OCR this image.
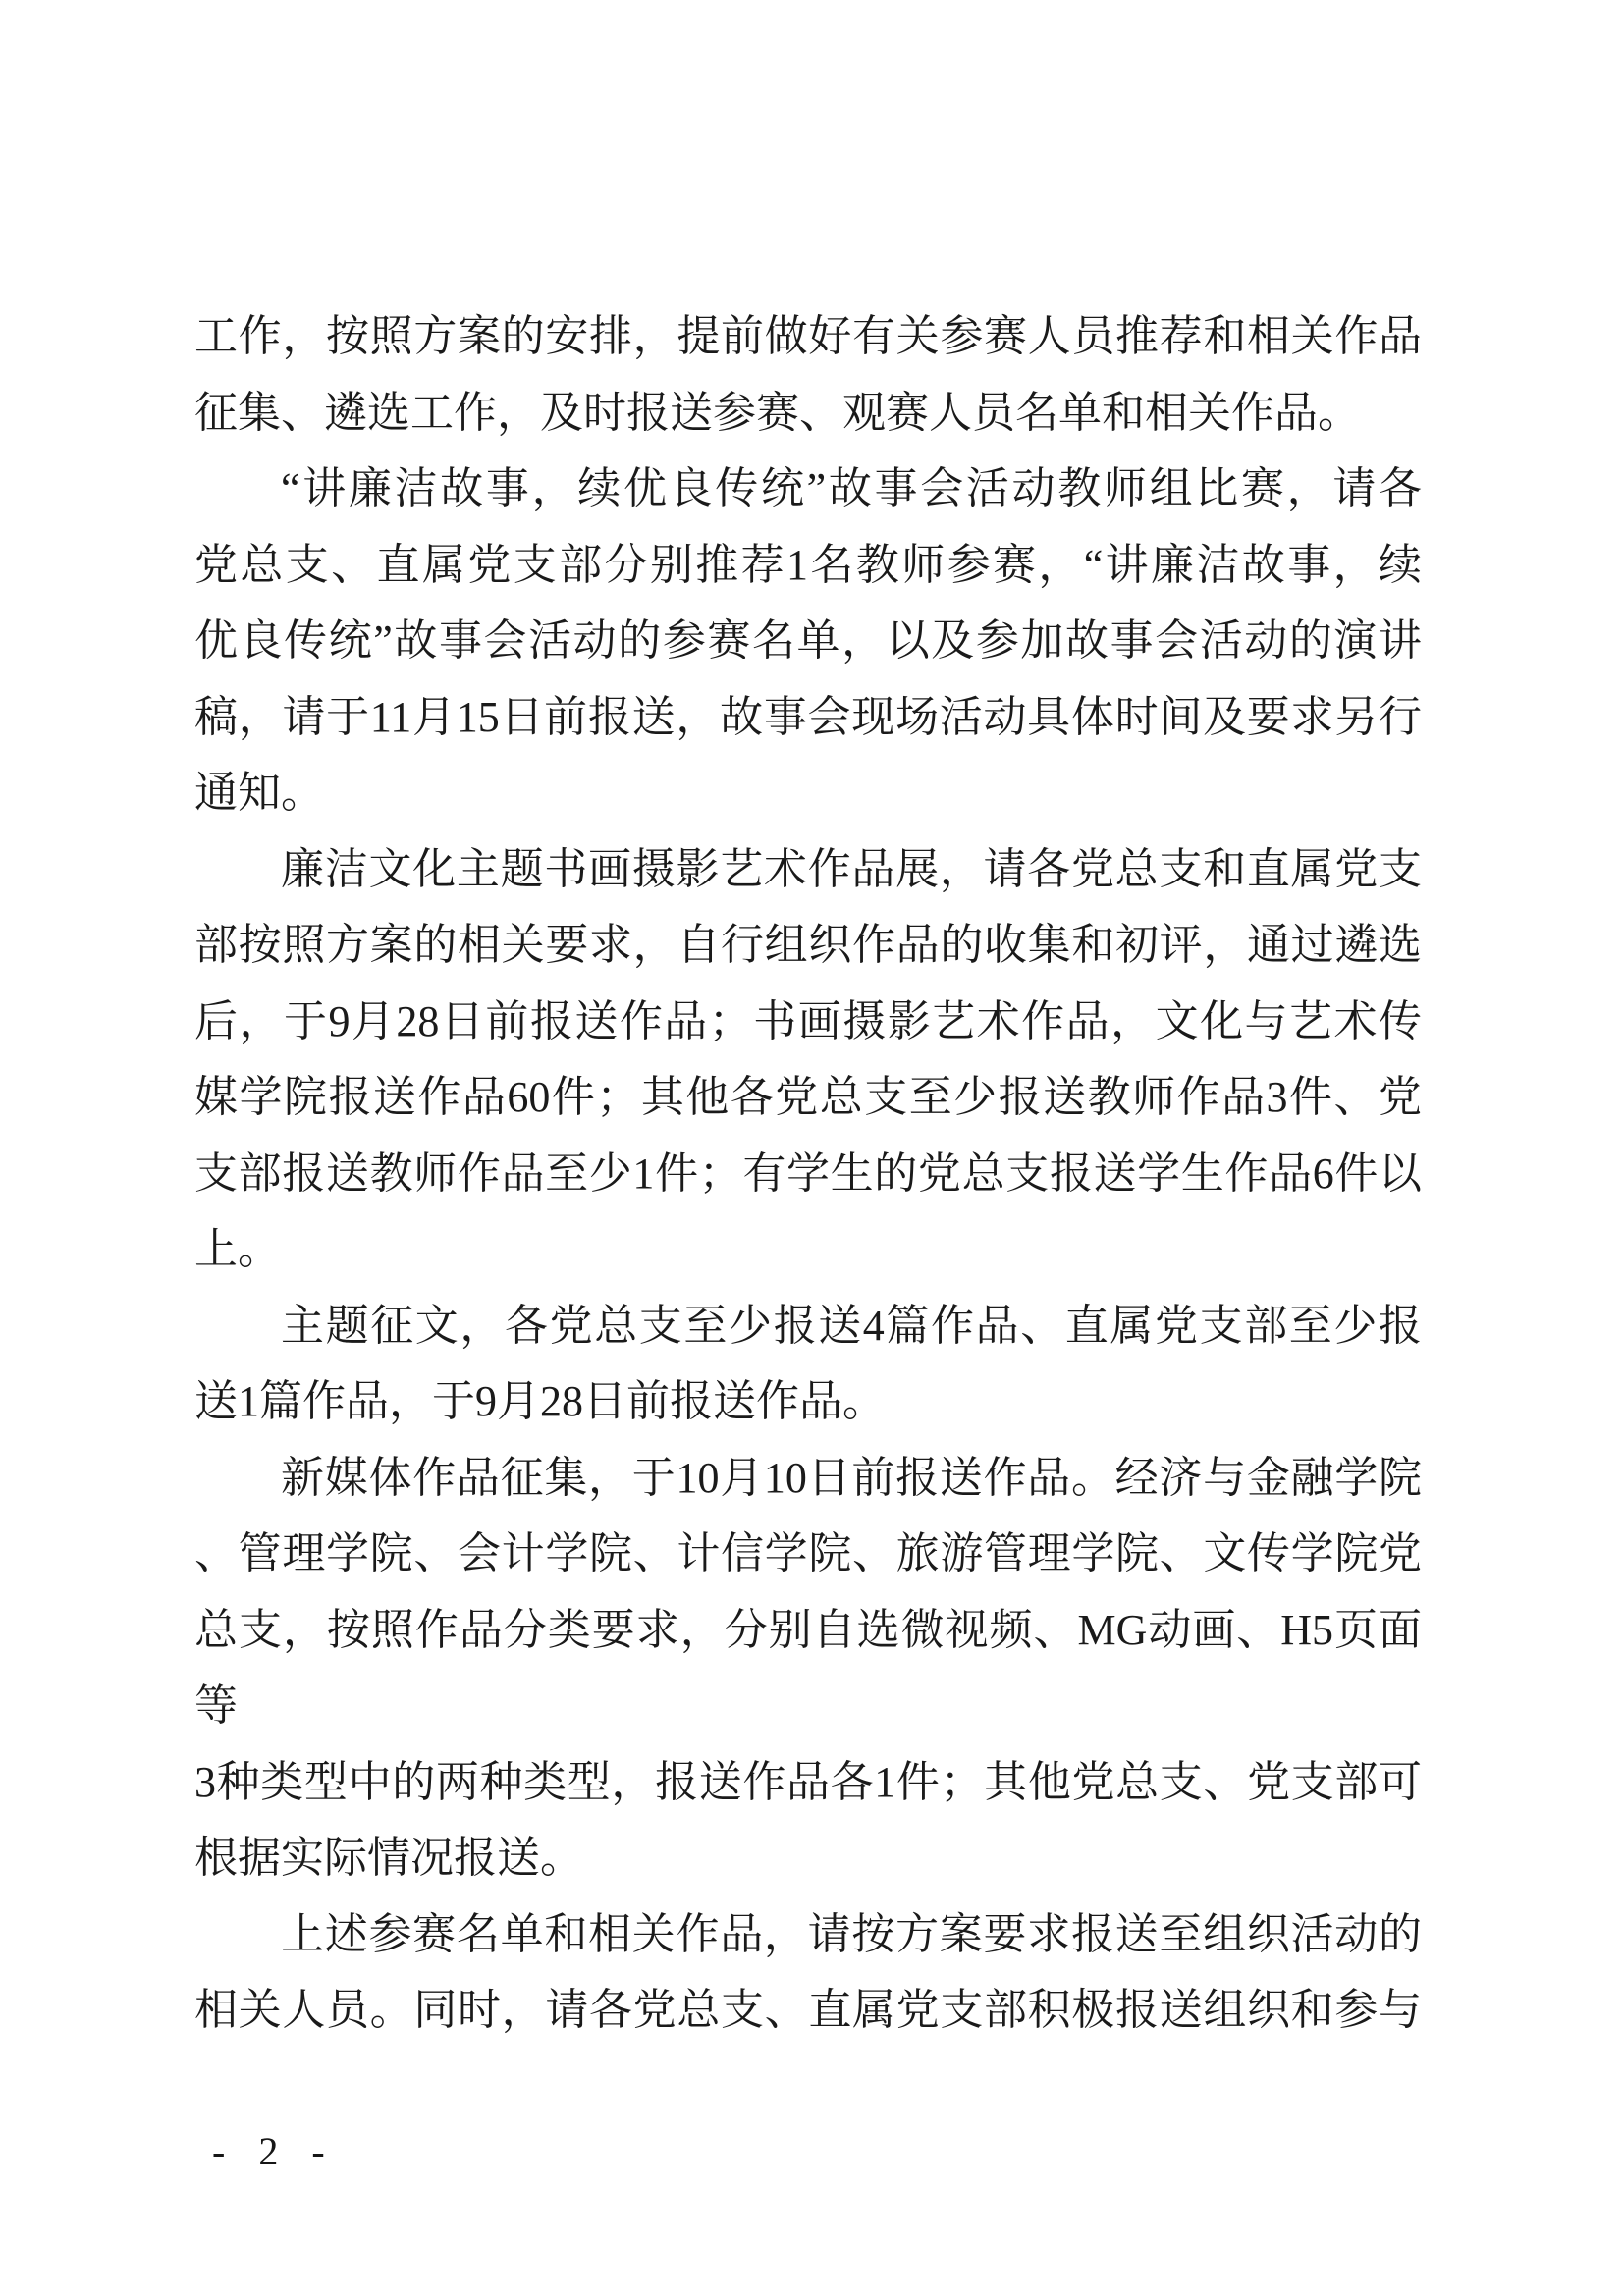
工作，按照方案的安排，提前做好有关参赛人员推荐和相关作品
征集、遴选工作，及时报送参赛、观赛人员名单和相关作品。
“讲廉洁故事，续优良传统”故事会活动教师组比赛，请各
党总支、直属党支部分别推荐1名教师参赛，“讲廉洁故事，续
优良传统”故事会活动的参赛名单，以及参加故事会活动的演讲
稿，请于11月15日前报送，故事会现场活动具体时间及要求另行
通知。
廉洁文化主题书画摄影艺术作品展，请各党总支和直属党支
部按照方案的相关要求，自行组织作品的收集和初评，通过遴选
后，于9月28日前报送作品；书画摄影艺术作品，文化与艺术传
媒学院报送作品60件；其他各党总支至少报送教师作品3件、党
支部报送教师作品至少1件；有学生的党总支报送学生作品6件以
上。
主题征文，各党总支至少报送4篇作品、直属党支部至少报
送1篇作品，于9月28日前报送作品。
新媒体作品征集，于10月10日前报送作品。经济与金融学院
、管理学院、会计学院、计信学院、旅游管理学院、文传学院党
总支，按照作品分类要求，分别自选微视频、MG动画、H5页面等
3种类型中的两种类型，报送作品各1件；其他党总支、党支部可
根据实际情况报送。
上述参赛名单和相关作品，请按方案要求报送至组织活动的
相关人员。同时，请各党总支、直属党支部积极报送组织和参与
- 2 -
